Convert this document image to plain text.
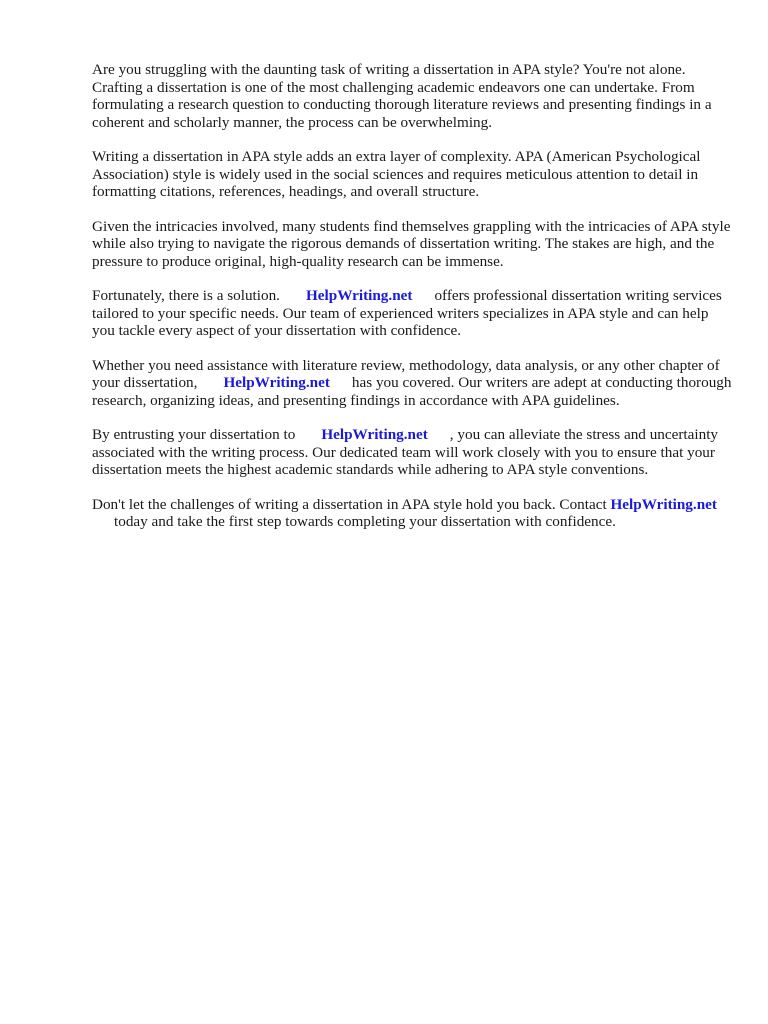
Are you struggling with the daunting task of writing a dissertation in APA style? You're not alone. Crafting a dissertation is one of the most challenging academic endeavors one can undertake. From formulating a research question to conducting thorough literature reviews and presenting findings in a coherent and scholarly manner, the process can be overwhelming.

Writing a dissertation in APA style adds an extra layer of complexity. APA (American Psychological Association) style is widely used in the social sciences and requires meticulous attention to detail in formatting citations, references, headings, and overall structure.

Given the intricacies involved, many students find themselves grappling with the intricacies of APA style while also trying to navigate the rigorous demands of dissertation writing. The stakes are high, and the pressure to produce original, high-quality research can be immense.

Fortunately, there is a solution. HelpWriting.net offers professional dissertation writing services tailored to your specific needs. Our team of experienced writers specializes in APA style and can help you tackle every aspect of your dissertation with confidence.

Whether you need assistance with literature review, methodology, data analysis, or any other chapter of your dissertation, HelpWriting.net has you covered. Our writers are adept at conducting thorough research, organizing ideas, and presenting findings in accordance with APA guidelines.

By entrusting your dissertation to HelpWriting.net , you can alleviate the stress and uncertainty associated with the writing process. Our dedicated team will work closely with you to ensure that your dissertation meets the highest academic standards while adhering to APA style conventions.

Don't let the challenges of writing a dissertation in APA style hold you back. Contact HelpWriting.nettoday and take the first step towards completing your dissertation with confidence.
